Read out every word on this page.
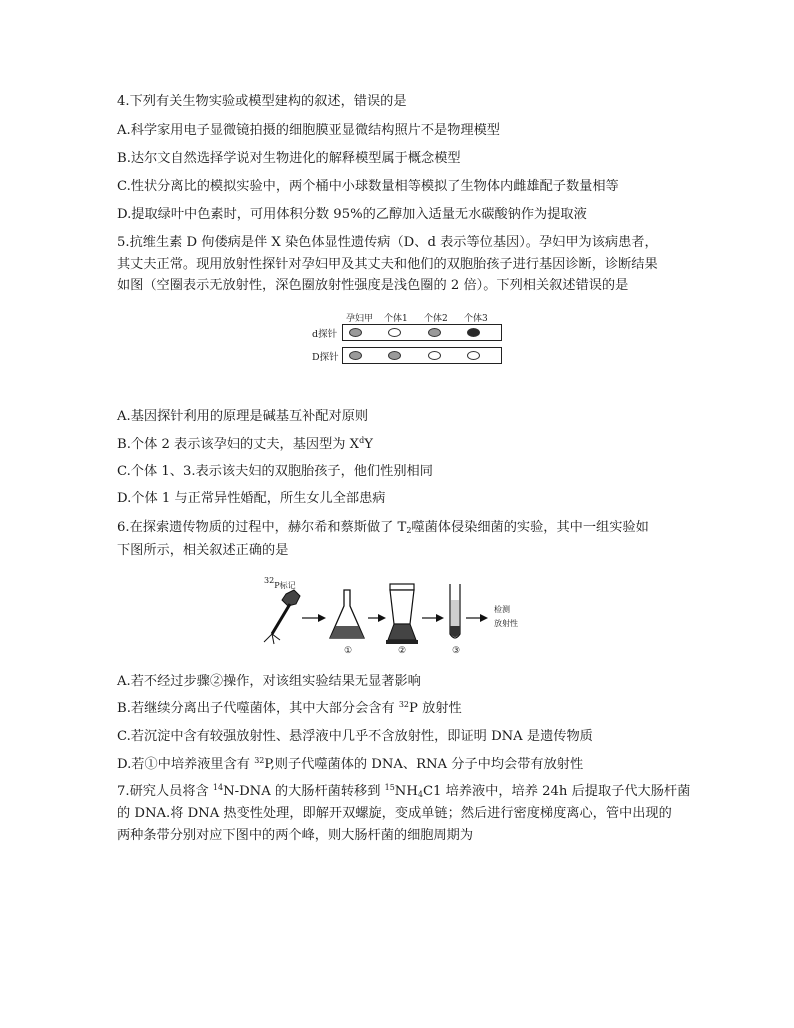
4.下列有关生物实验或模型建构的叙述，错误的是
A.科学家用电子显微镜拍摄的细胞膜亚显微结构照片不是物理模型
B.达尔文自然选择学说对生物进化的解释模型属于概念模型
C.性状分离比的模拟实验中，两个桶中小球数量相等模拟了生物体内雌雄配子数量相等
D.提取绿叶中色素时，可用体积分数 95%的乙醇加入适量无水碳酸钠作为提取液
5.抗维生素 D 佝偻病是伴 X 染色体显性遗传病（D、d 表示等位基因）。孕妇甲为该病患者，
其丈夫正常。现用放射性探针对孕妇甲及其丈夫和他们的双胞胎孩子进行基因诊断，诊断结果
如图（空圈表示无放射性，深色圈放射性强度是浅色圈的 2 倍）。下列相关叙述错误的是
孕妇甲 个体1 个体2 个体3
d探针
D探针
A.基因探针利用的原理是碱基互补配对原则
B.个体 2 表示该孕妇的丈夫，基因型为 $X^dY$
C.个体 1、3.表示该夫妇的双胞胎孩子，他们性别相同
D.个体 1 与正常异性婚配，所生女儿全部患病
6.在探索遗传物质的过程中，赫尔希和蔡斯做了 $T_2$噬菌体侵染细菌的实验，其中一组实验如
下图所示，相关叙述正确的是
$^{32}$P标记
①	②	③
检测
放射性
A.若不经过步骤②操作，对该组实验结果无显著影响
B.若继续分离出子代噬菌体，其中大部分会含有 $^{32}$P 放射性
C.若沉淀中含有较强放射性、悬浮液中几乎不含放射性，即证明 DNA 是遗传物质
D.若①中培养液里含有 $^{32}$P,则子代噬菌体的 DNA、RNA 分子中均会带有放射性
7.研究人员将含 $^{14}$N-DNA 的大肠杆菌转移到 $^{15}NH_4C1$ 培养液中，培养 24h 后提取子代大肠杆菌
的 DNA.将 DNA 热变性处理，即解开双螺旋，变成单链；然后进行密度梯度离心，管中出现的
两种条带分别对应下图中的两个峰，则大肠杆菌的细胞周期为
